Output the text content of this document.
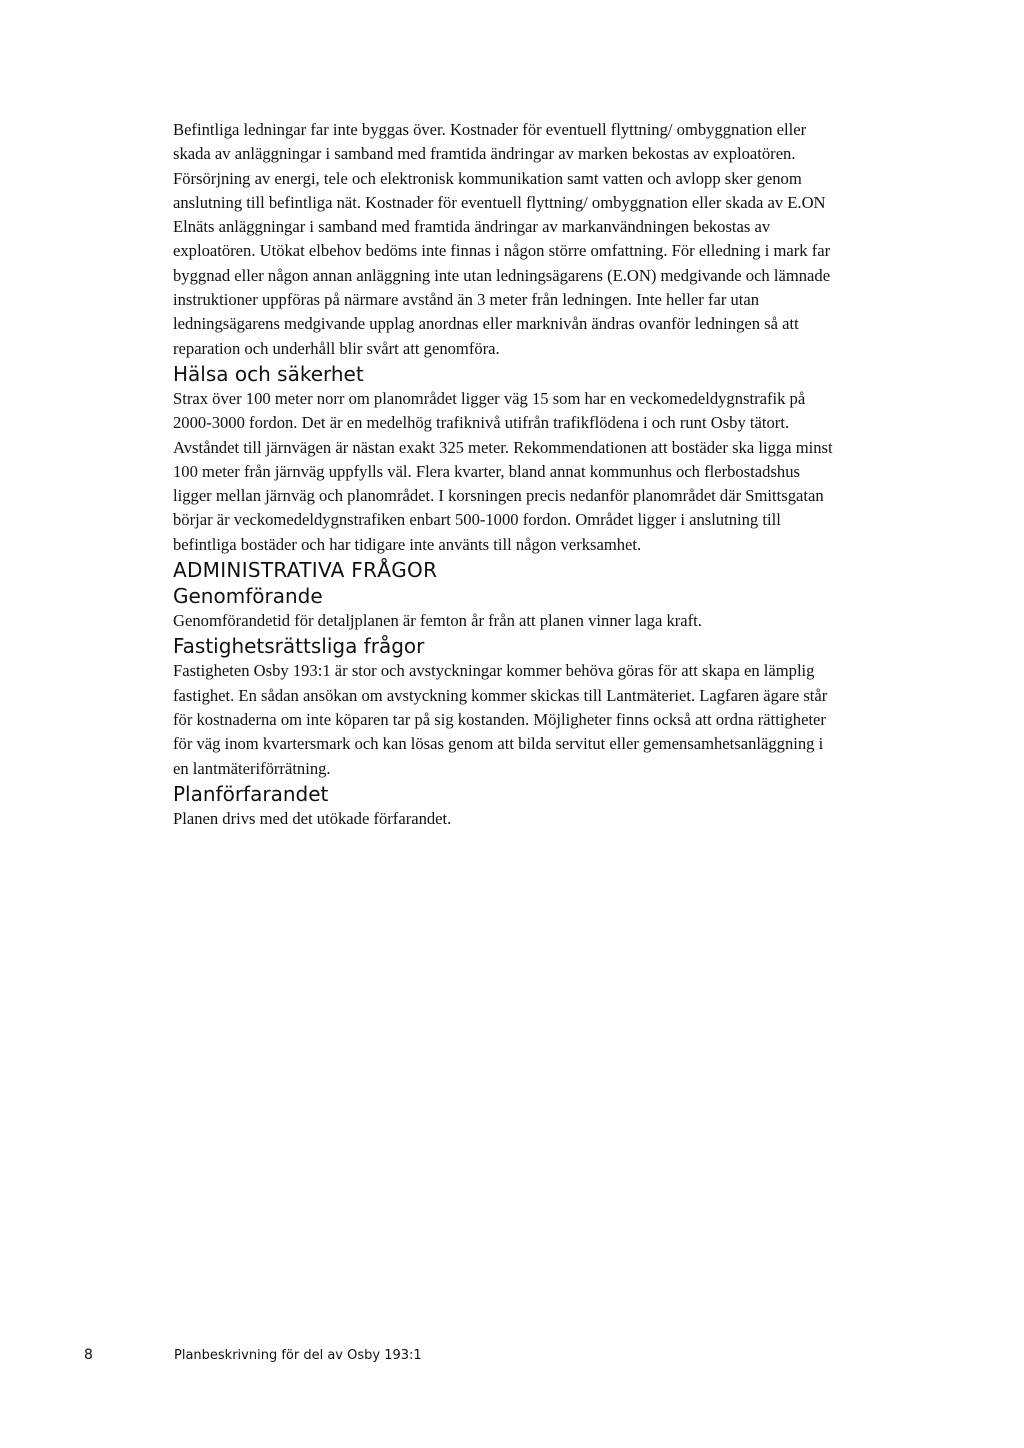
Befintliga ledningar far inte byggas över. Kostnader för eventuell flyttning/ ombyggnation eller skada av anläggningar i samband med framtida ändringar av marken bekostas av exploatören.

Försörjning av energi, tele och elektronisk kommunikation samt vatten och avlopp sker genom anslutning till befintliga nät. Kostnader för eventuell flyttning/ ombyggnation eller skada av E.ON Elnäts anläggningar i samband med framtida ändringar av markanvändningen bekostas av exploatören. Utökat elbehov bedöms inte finnas i någon större omfattning. För elledning i mark far byggnad eller någon annan anläggning inte utan ledningsägarens (E.ON) medgivande och lämnade instruktioner uppföras på närmare avstånd än 3 meter från ledningen. Inte heller far utan ledningsägarens medgivande upplag anordnas eller marknivån ändras ovanför ledningen så att reparation och underhåll blir svårt att genomföra.

Hälsa och säkerhet

Strax över 100 meter norr om planområdet ligger väg 15 som har en veckomedeldygnstrafik på 2000-3000 fordon. Det är en medelhög trafiknivå utifrån trafikflödena i och runt Osby tätort. Avståndet till järnvägen är nästan exakt 325 meter. Rekommendationen att bostäder ska ligga minst 100 meter från järnväg uppfylls väl. Flera kvarter, bland annat kommunhus och flerbostadshus ligger mellan järnväg och planområdet. I korsningen precis nedanför planområdet där Smittsgatan börjar är veckomedeldygnstrafiken enbart 500-1000 fordon. Området ligger i anslutning till befintliga bostäder och har tidigare inte använts till någon verksamhet.

ADMINISTRATIVA FRÅGOR
Genomförande

Genomförandetid för detaljplanen är femton år från att planen vinner laga kraft.

Fastighetsrättsliga frågor

Fastigheten Osby 193:1 är stor och avstyckningar kommer behöva göras för att skapa en lämplig fastighet. En sådan ansökan om avstyckning kommer skickas till Lantmäteriet. Lagfaren ägare står för kostnaderna om inte köparen tar på sig kostanden. Möjligheter finns också att ordna rättigheter för väg inom kvartersmark och kan lösas genom att bilda servitut eller gemensamhetsanläggning i en lantmäteriförrätning.

Planförfarandet

Planen drivs med det utökade förfarandet.

8	Planbeskrivning för del av Osby 193:1
